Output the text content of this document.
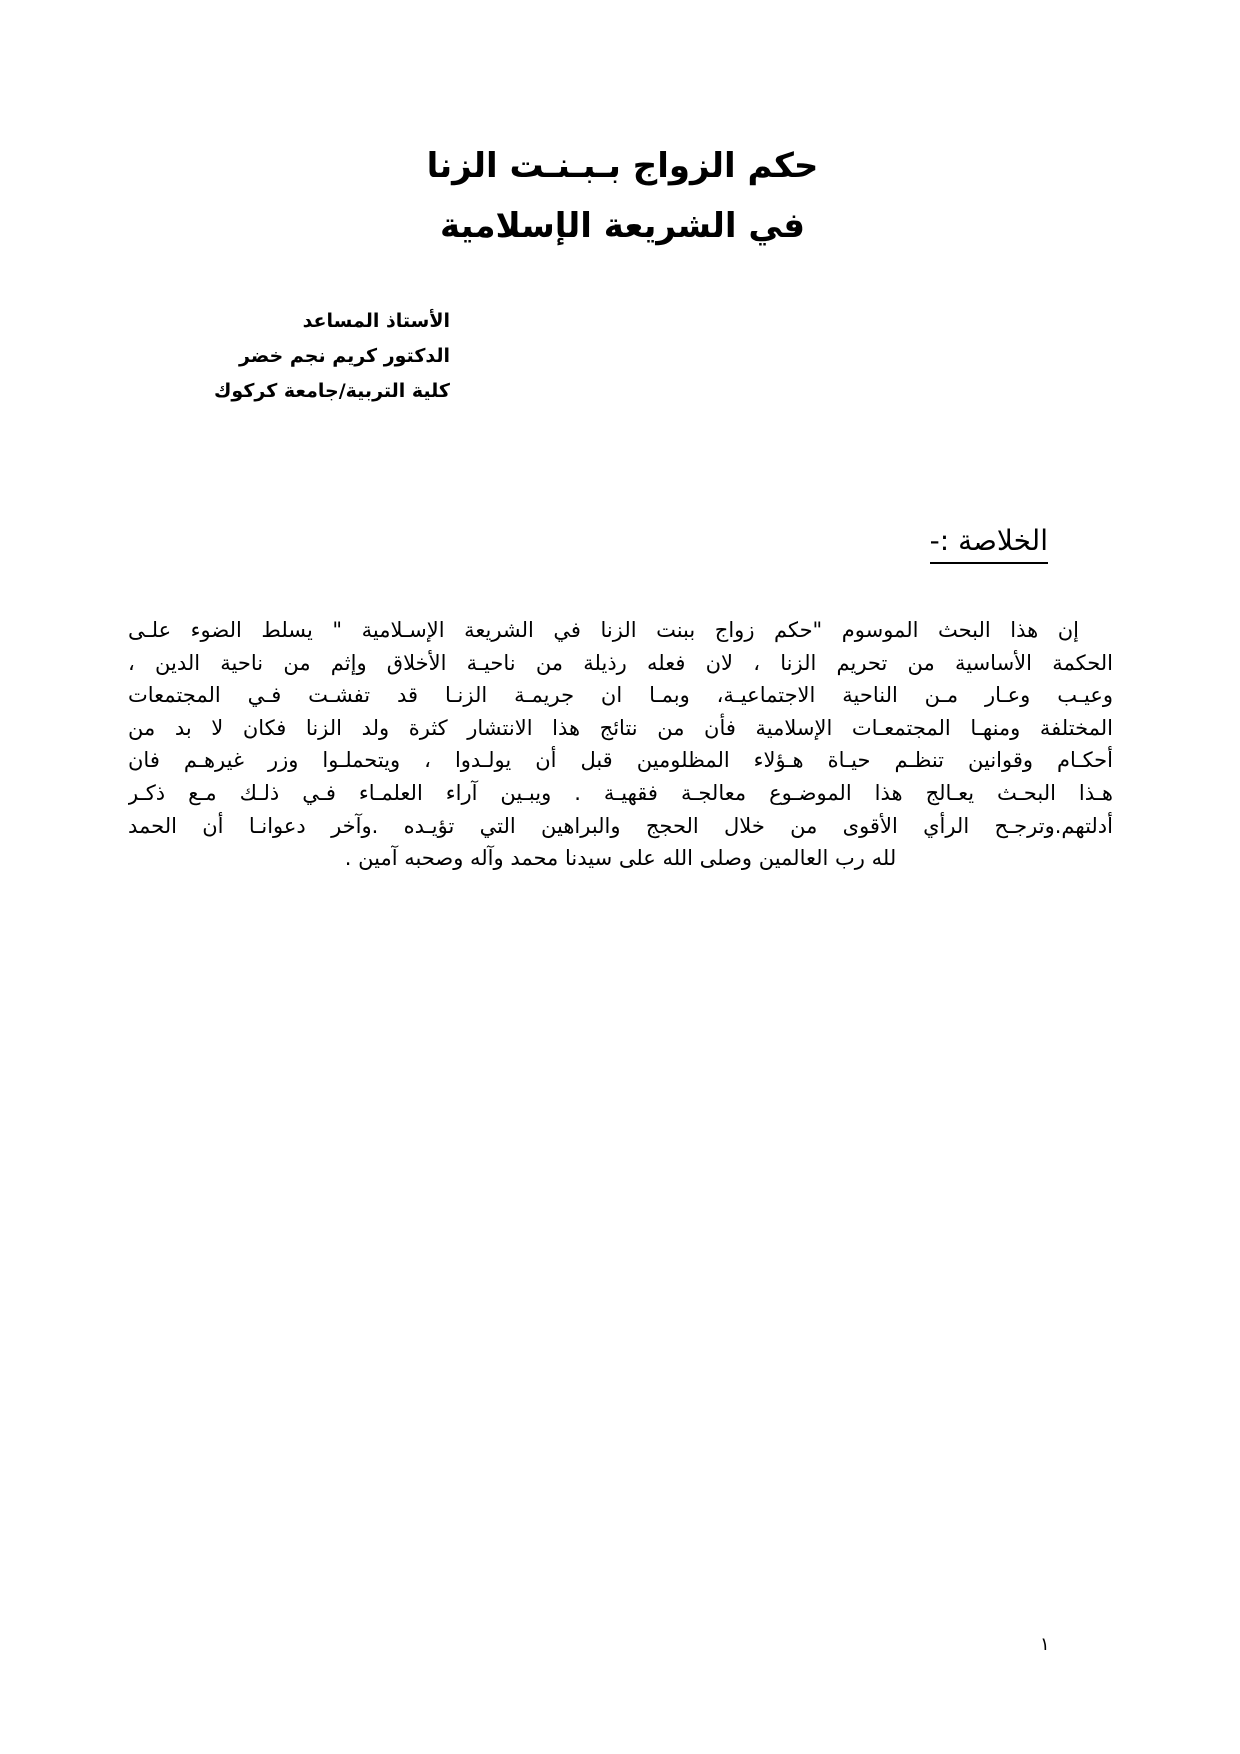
حكم الزواج بـبـنـت الزنا
في الشريعة الإسلامية
الأستاذ المساعد
الدكتور كريم نجم خضر
كلية التربية/جامعة كركوك
الخلاصة :-
إن هذا البحث الموسوم "حكم زواج ببنت الزنا في الشريعة الإسـلامية " يسلط الضوء علـى
الحكمة الأساسية من تحريم الزنا ، لان فعله رذيلة من ناحيـة الأخلاق وإثم من ناحية الدين ،
وعيـب وعـار مـن الناحية الاجتماعيـة، وبمـا ان جريمـة الزنـا قد تفشـت فـي المجتمعات
المختلفة ومنهـا المجتمعـات الإسلامية فأن من نتائج هذا الانتشار كثرة ولد الزنا فكان لا بد من
أحكـام وقوانين تنظـم حيـاة هـؤلاء المظلومين قبل أن يولـدوا ، ويتحملـوا وزر غيرهـم فان
هـذا البحـث يعـالج هذا الموضـوع معالجـة فقهيـة . ويبـين آراء العلمـاء فـي ذلـك مـع ذكـر
أدلتهم.وترجـح الرأي الأقوى من خلال الحجج والبراهين التي تؤيـده .وآخر دعوانـا أن الحمد
لله رب العالمين وصلى الله على سيدنا محمد وآله وصحبه آمين .
١
